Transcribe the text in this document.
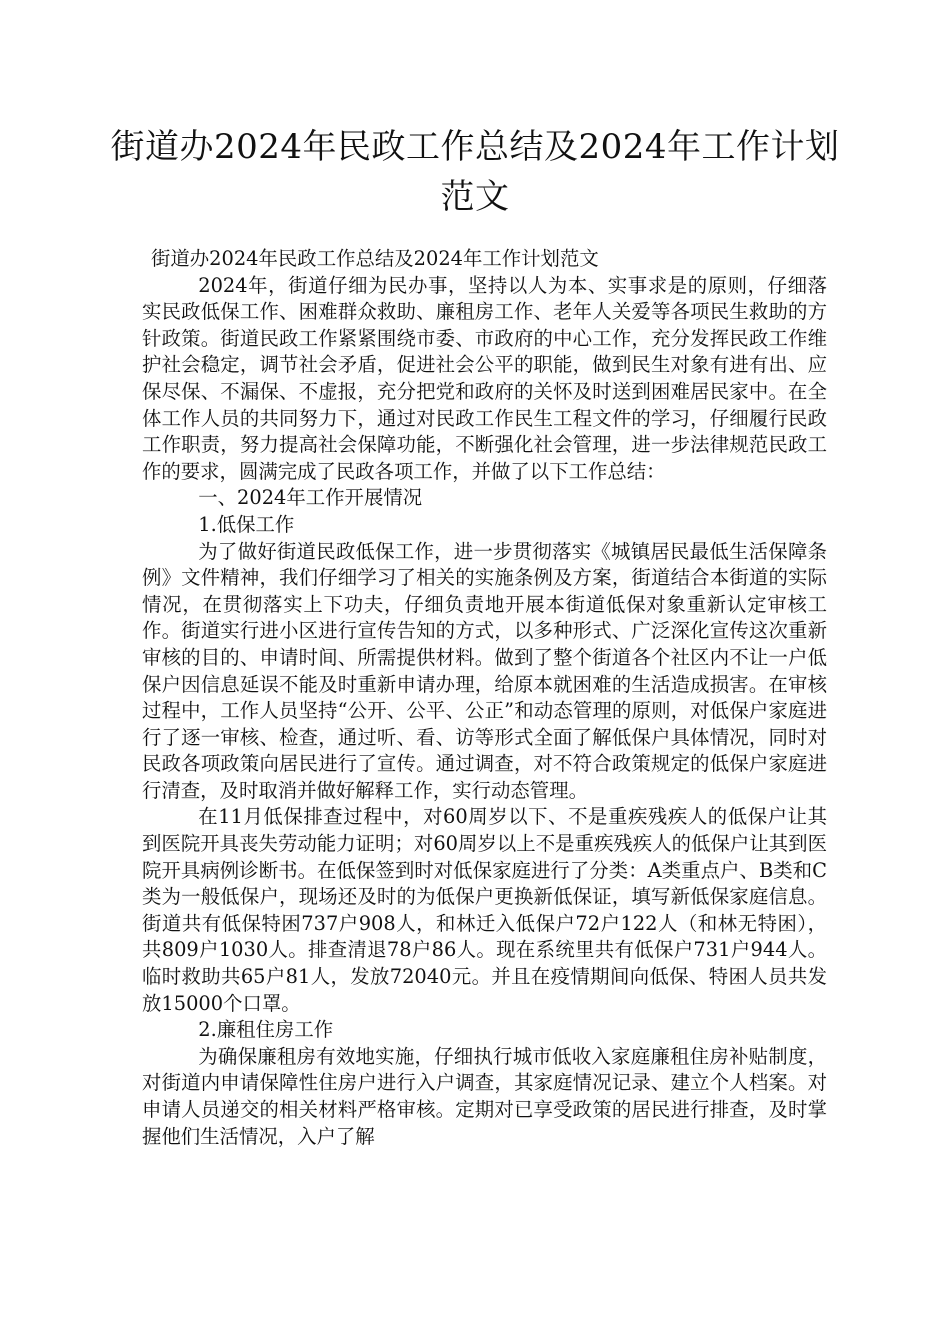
街道办2024年民政工作总结及2024年工作计划范文

街道办2024年民政工作总结及2024年工作计划范文

2024年，街道仔细为民办事，坚持以人为本、实事求是的原则，仔细落实民政低保工作、困难群众救助、廉租房工作、老年人关爱等各项民生救助的方针政策。街道民政工作紧紧围绕市委、市政府的中心工作，充分发挥民政工作维护社会稳定，调节社会矛盾，促进社会公平的职能，做到民生对象有进有出、应保尽保、不漏保、不虚报，充分把党和政府的关怀及时送到困难居民家中。在全体工作人员的共同努力下，通过对民政工作民生工程文件的学习，仔细履行民政工作职责，努力提高社会保障功能，不断强化社会管理，进一步法律规范民政工作的要求，圆满完成了民政各项工作，并做了以下工作总结：

一、2024年工作开展情况

1.低保工作

为了做好街道民政低保工作，进一步贯彻落实《城镇居民最低生活保障条例》文件精神，我们仔细学习了相关的实施条例及方案，街道结合本街道的实际情况，在贯彻落实上下功夫，仔细负责地开展本街道低保对象重新认定审核工作。街道实行进小区进行宣传告知的方式，以多种形式、广泛深化宣传这次重新审核的目的、申请时间、所需提供材料。做到了整个街道各个社区内不让一户低保户因信息延误不能及时重新申请办理，给原本就困难的生活造成损害。在审核过程中，工作人员坚持“公开、公平、公正”和动态管理的原则，对低保户家庭进行了逐一审核、检查，通过听、看、访等形式全面了解低保户具体情况，同时对民政各项政策向居民进行了宣传。通过调查，对不符合政策规定的低保户家庭进行清查，及时取消并做好解释工作，实行动态管理。

在11月低保排查过程中，对60周岁以下、不是重疾残疾人的低保户让其到医院开具丧失劳动能力证明；对60周岁以上不是重疾残疾人的低保户让其到医院开具病例诊断书。在低保签到时对低保家庭进行了分类：A类重点户、B类和C类为一般低保户，现场还及时的为低保户更换新低保证，填写新低保家庭信息。街道共有低保特困737户908人，和林迁入低保户72户122人（和林无特困），共809户1030人。排查清退78户86人。现在系统里共有低保户731户944人。临时救助共65户81人，发放72040元。并且在疫情期间向低保、特困人员共发放15000个口罩。

2.廉租住房工作

为确保廉租房有效地实施，仔细执行城市低收入家庭廉租住房补贴制度，对街道内申请保障性住房户进行入户调查，其家庭情况记录、建立个人档案。对申请人员递交的相关材料严格审核。定期对已享受政策的居民进行排查，及时掌握他们生活情况，入户了解
